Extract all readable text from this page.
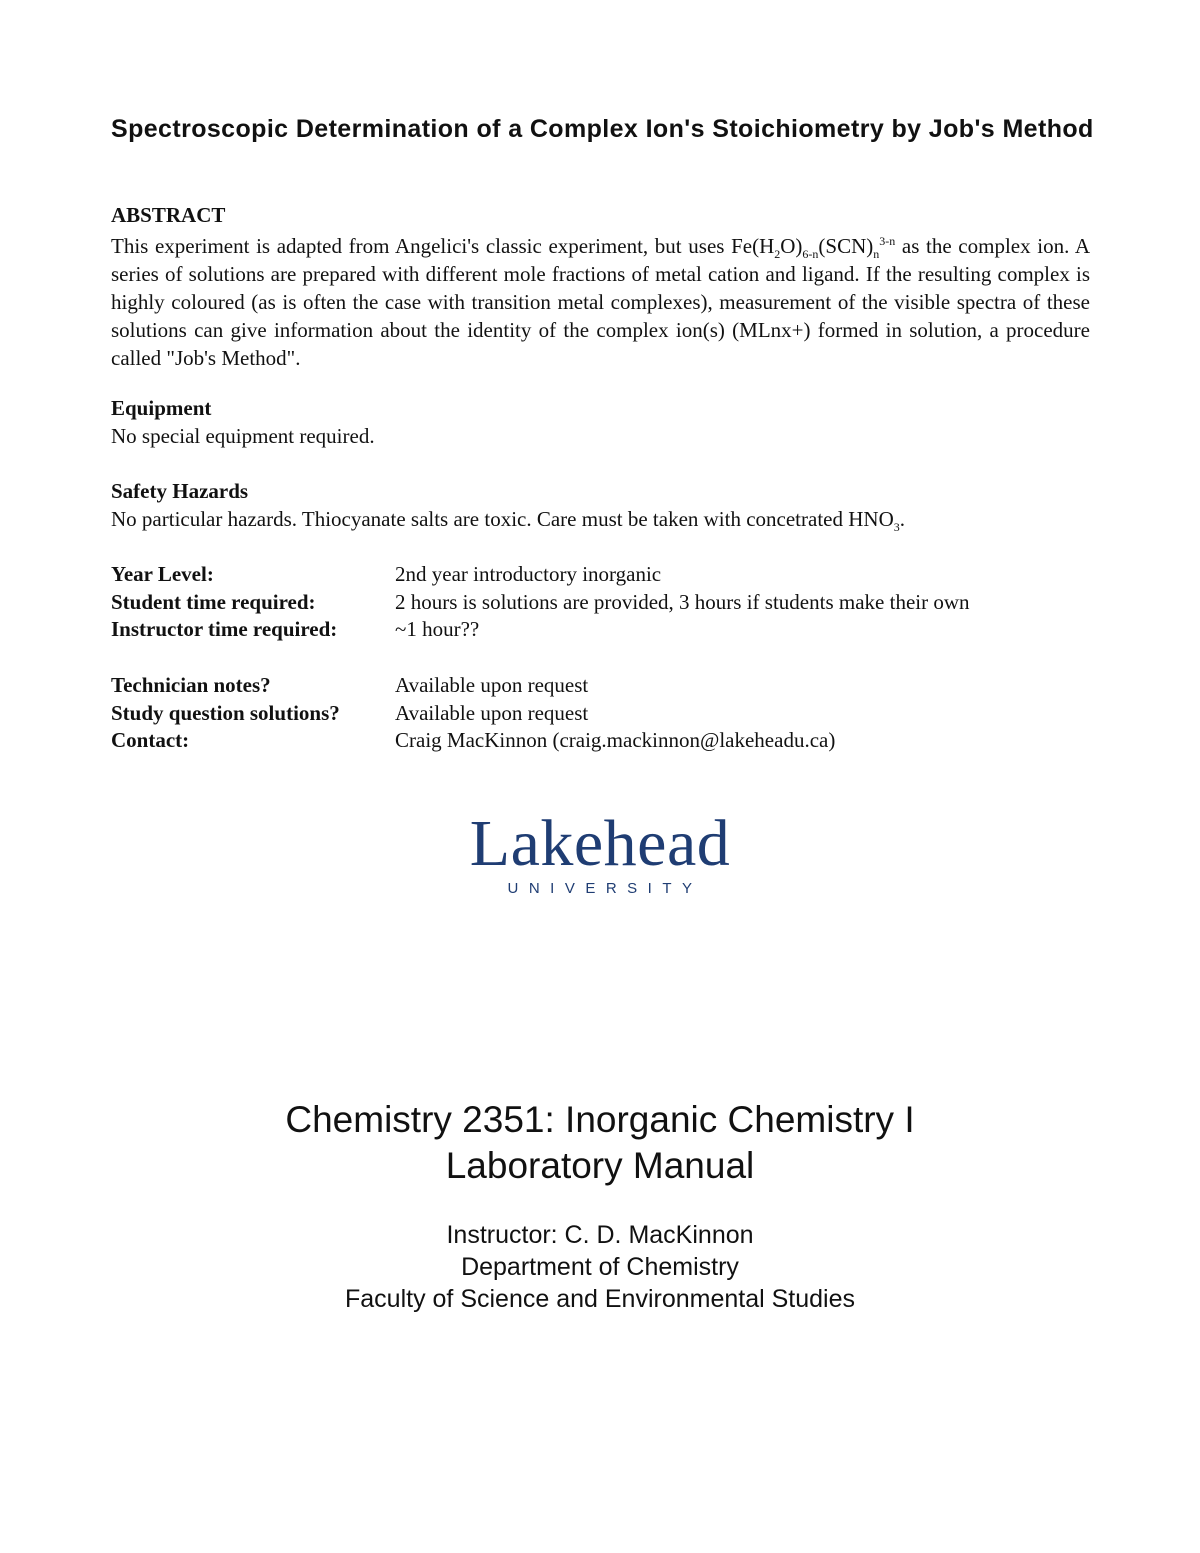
Spectroscopic Determination of a Complex Ion's Stoichiometry by Job's Method
ABSTRACT
This experiment is adapted from Angelici's classic experiment, but uses $Fe(H_2O)_{6-n}(SCN)_n^{3-n}$ as the complex ion. A series of solutions are prepared with different mole fractions of metal cation and ligand. If the resulting complex is highly coloured (as is often the case with transition metal complexes), measurement of the visible spectra of these solutions can give information about the identity of the complex ion(s) (MLnx+) formed in solution, a procedure called "Job's Method".
Equipment
No special equipment required.
Safety Hazards
No particular hazards. Thiocyanate salts are toxic. Care must be taken with concetrated $HNO_3$.
Year Level:	2nd year introductory inorganic
Student time required:	2 hours is solutions are provided, 3 hours if students make their own
Instructor time required:	~1 hour??
Technician notes?	Available upon request
Study question solutions?	Available upon request
Contact:	Craig MacKinnon (craig.mackinnon@lakeheadu.ca)
Lakehead
UNIVERSITY
Chemistry 2351: Inorganic Chemistry I
Laboratory Manual
Instructor: C. D. MacKinnon
Department of Chemistry
Faculty of Science and Environmental Studies
